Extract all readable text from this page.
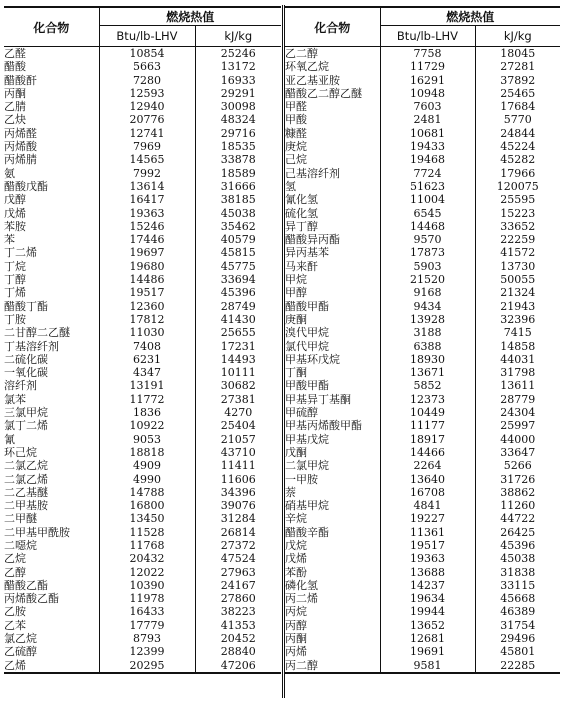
化合物	燃烧热值	
	Btu/lb-LHV	kJ/kg
乙醛	10854	25246
醋酸	5663	13172
醋酸酐	7280	16933
丙酮	12593	29291
乙腈	12940	30098
乙炔	20776	48324
丙烯醛	12741	29716
丙烯酸	7969	18535
丙烯腈	14565	33878
氨	7992	18589
醋酸戊酯	13614	31666
戊醇	16417	38185
戊烯	19363	45038
苯胺	15246	35462
苯	17446	40579
丁二烯	19697	45815
丁烷	19680	45775
丁醇	14486	33694
丁烯	19517	45396
醋酸丁酯	12360	28749
丁胺	17812	41430
二甘醇二乙醚	11030	25655
丁基溶纤剂	7408	17231
二硫化碳	6231	14493
一氧化碳	4347	10111
溶纤剂	13191	30682
氯苯	11772	27381
三氯甲烷	1836	4270
氯丁二烯	10922	25404
氰	9053	21057
环己烷	18818	43710
二氯乙烷	4909	11411
二氯乙烯	4990	11606
二乙基醚	14788	34396
二甲基胺	16800	39076
二甲醚	13450	31284
二甲基甲酰胺	11528	26814
二噁烷	11768	27372
乙烷	20432	47524
乙醇	12022	27963
醋酸乙酯	10390	24167
丙烯酸乙酯	11978	27860
乙胺	16433	38223
乙苯	17779	41353
氯乙烷	8793	20452
乙硫醇	12399	28840
乙烯	20295	47206
化合物	燃烧热值	
	Btu/lb-LHV	kJ/kg
乙二醇	7758	18045
环氧乙烷	11729	27281
亚乙基亚胺	16291	37892
醋酸乙二醇乙醚	10948	25465
甲醛	7603	17684
甲酸	2481	5770
糠醛	10681	24844
庚烷	19433	45224
己烷	19468	45282
己基溶纤剂	7724	17966
氢	51623	120075
氰化氢	11004	25595
硫化氢	6545	15223
异丁醇	14468	33652
醋酸异丙酯	9570	22259
异丙基苯	17873	41572
马来酐	5903	13730
甲烷	21520	50055
甲醇	9168	21324
醋酸甲酯	9434	21943
庚酮	13928	32396
溴代甲烷	3188	7415
氯代甲烷	6388	14858
甲基环戊烷	18930	44031
丁酮	13671	31798
甲酸甲酯	5852	13611
甲基异丁基酮	12373	28779
甲硫醇	10449	24304
甲基丙烯酸甲酯	11177	25997
甲基戊烷	18917	44000
戊酮	14466	33647
二氯甲烷	2264	5266
一甲胺	13640	31726
萘	16708	38862
硝基甲烷	4841	11260
辛烷	19227	44722
醋酸辛酯	11361	26425
戊烷	19517	45396
戊烯	19363	45038
苯酚	13688	31838
磷化氢	14237	33115
丙二烯	19634	45668
丙烷	19944	46389
丙醇	13652	31754
丙酮	12681	29496
丙烯	19691	45801
丙二醇	9581	22285
